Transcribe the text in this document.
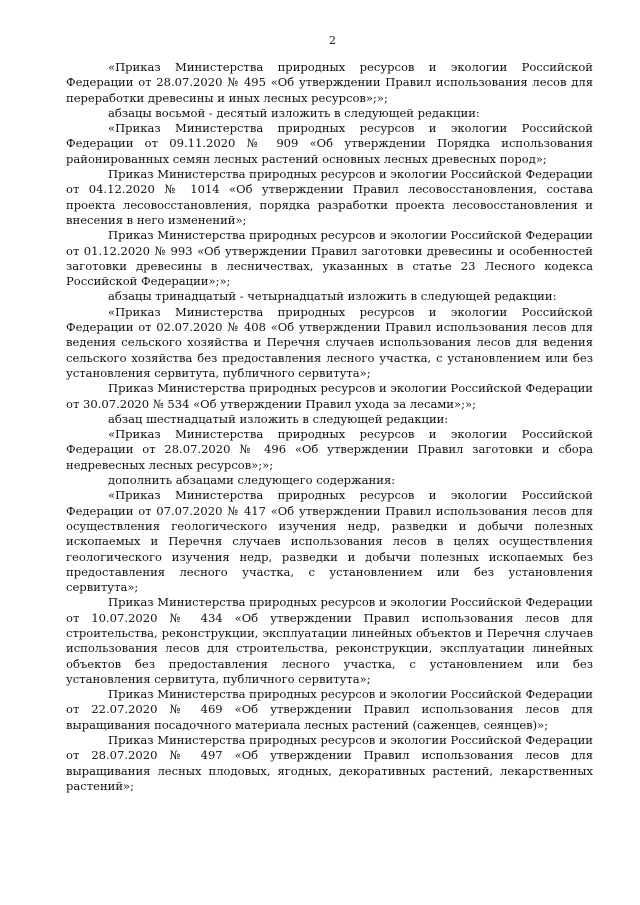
2

«Приказ Министерства природных ресурсов и экологии Российской Федерации от 28.07.2020 № 495 «Об утверждении Правил использования лесов для переработки древесины и иных лесных ресурсов»;»;

абзацы восьмой - десятый изложить в следующей редакции:

«Приказ Министерства природных ресурсов и экологии Российской Федерации от 09.11.2020 № 909 «Об утверждении Порядка использования районированных семян лесных растений основных лесных древесных пород»;

Приказ Министерства природных ресурсов и экологии Российской Федерации от 04.12.2020 № 1014 «Об утверждении Правил лесовосстановления, состава проекта лесовосстановления, порядка разработки проекта лесовосстановления и внесения в него изменений»;

Приказ Министерства природных ресурсов и экологии Российской Федерации от 01.12.2020 № 993 «Об утверждении Правил заготовки древесины и особенностей заготовки древесины в лесничествах, указанных в статье 23 Лесного кодекса Российской Федерации»;»;

абзацы тринадцатый - четырнадцатый изложить в следующей редакции:

«Приказ Министерства природных ресурсов и экологии Российской Федерации от 02.07.2020 № 408 «Об утверждении Правил использования лесов для ведения сельского хозяйства и Перечня случаев использования лесов для ведения сельского хозяйства без предоставления лесного участка, с установлением или без установления сервитута, публичного сервитута»;

Приказ Министерства природных ресурсов и экологии Российской Федерации от 30.07.2020 № 534 «Об утверждении Правил ухода за лесами»;»;

абзац шестнадцатый изложить в следующей редакции:

«Приказ Министерства природных ресурсов и экологии Российской Федерации от 28.07.2020 № 496 «Об утверждении Правил заготовки и сбора недревесных лесных ресурсов»;»;

дополнить абзацами следующего содержания:

«Приказ Министерства природных ресурсов и экологии Российской Федерации от 07.07.2020 № 417 «Об утверждении Правил использования лесов для осуществления геологического изучения недр, разведки и добычи полезных ископаемых и Перечня случаев использования лесов в целях осуществления геологического изучения недр, разведки и добычи полезных ископаемых без предоставления лесного участка, с установлением или без установления сервитута»;

Приказ Министерства природных ресурсов и экологии Российской Федерации от 10.07.2020 № 434 «Об утверждении Правил использования лесов для строительства, реконструкции, эксплуатации линейных объектов и Перечня случаев использования лесов для строительства, реконструкции, эксплуатации линейных объектов без предоставления лесного участка, с установлением или без установления сервитута, публичного сервитута»;

Приказ Министерства природных ресурсов и экологии Российской Федерации от 22.07.2020 № 469 «Об утверждении Правил использования лесов для выращивания посадочного материала лесных растений (саженцев, сеянцев)»;

Приказ Министерства природных ресурсов и экологии Российской Федерации от 28.07.2020 № 497 «Об утверждении Правил использования лесов для выращивания лесных плодовых, ягодных, декоративных растений, лекарственных растений»;
